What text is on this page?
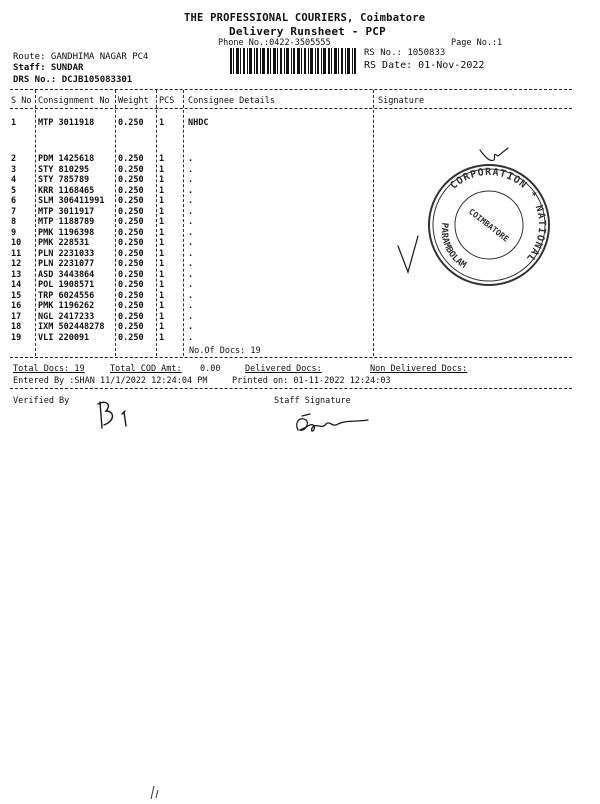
THE PROFESSIONAL COURIERS, Coimbatore
Delivery Runsheet - PCP
Phone No.:0422-3505555	Page No.:1
Route: GANDHIMA NAGAR PC4
Staff: SUNDAR
DRS No.: DCJB105083301
RS No.: 1050833
RS Date: 01-Nov-2022
S No Consignment No Weight PCS Consignee Details	Signature
1	MTP 3011918	0.250 1	NHDC
2	PDM 1425618	0.250 1	.
3	STY 810295	0.250 1	.
4	STY 785789	0.250 1	.
5	KRR 1168465	0.250 1	.
6	SLM 306411991 0.250 1	.
7	MTP 3011917	0.250 1	.
8	MTP 1188789	0.250 1	.
9	PMK 1196398	0.250 1	.
10 PMK 228531	0.250 1	.
11 PLN 2231033	0.250 1	.
12 PLN 2231077	0.250 1	.
13 ASD 3443864	0.250 1	.
14 POL 1908571	0.250 1	.
15 TRP 6024556	0.250 1	.
16 PMK 1196262	0.250 1	.
17 NGL 2417233	0.250 1	.
18 IXM 502448278 0.250 1	.
19 VLI 220091	0.250 1	.
No.Of Docs: 19
Total Docs: 19	Total COD Amt: 0.00	Delivered Docs:	Non Delivered Docs:
Entered By :SHAN 11/1/2022 12:24:04 PM	Printed on: 01-11-2022 12:24:03
Verified By	Staff Signature
CORPORATION * NATIONAL
PARAMBOLAM
COIMBATORE
